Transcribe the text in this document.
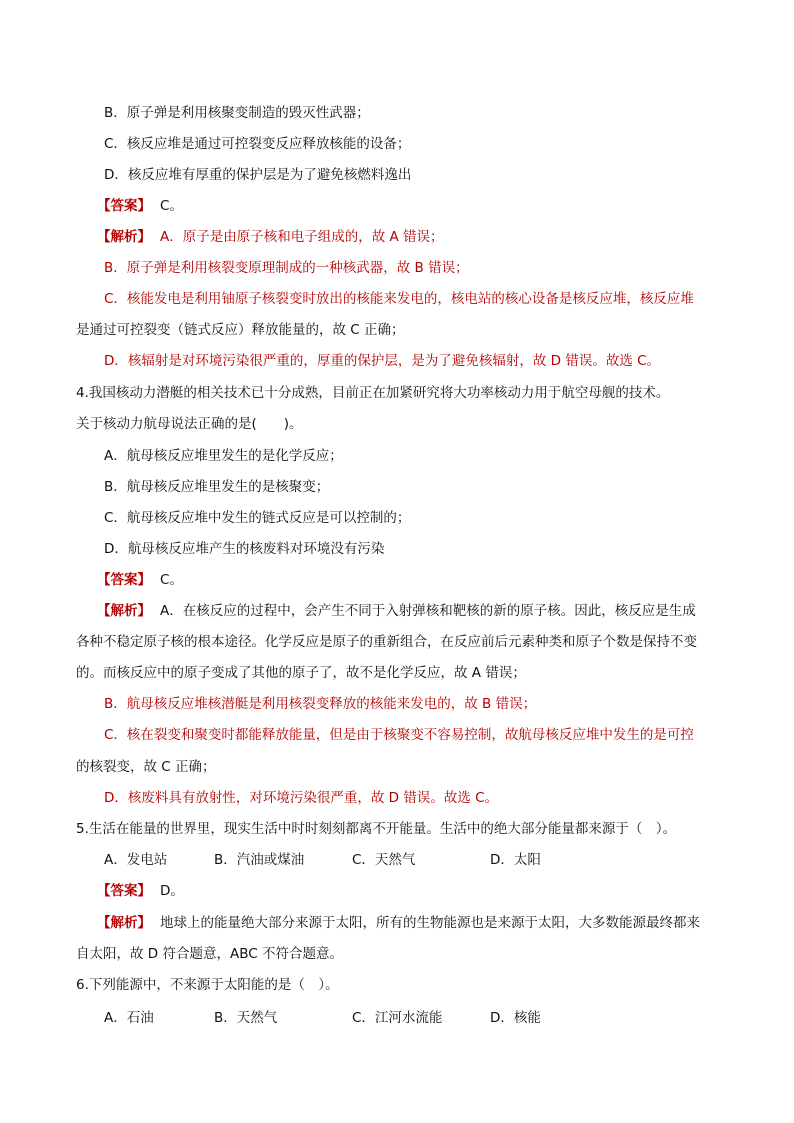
B．原子弹是利用核聚变制造的毁灭性武器；
C．核反应堆是通过可控裂变反应释放核能的设备；
D．核反应堆有厚重的保护层是为了避免核燃料逸出
【答案】 C。
【解析】 A．原子是由原子核和电子组成的，故 A 错误；
B．原子弹是利用核裂变原理制成的一种核武器，故 B 错误；
C．核能发电是利用铀原子核裂变时放出的核能来发电的，核电站的核心设备是核反应堆，核反应堆
是通过可控裂变（链式反应）释放能量的，故 C 正确；
D．核辐射是对环境污染很严重的，厚重的保护层，是为了避免核辐射，故 D 错误。故选 C。
4.我国核动力潜艇的相关技术已十分成熟，目前正在加紧研究将大功率核动力用于航空母舰的技术。
关于核动力航母说法正确的是(　　)。
A．航母核反应堆里发生的是化学反应；
B．航母核反应堆里发生的是核聚变；
C．航母核反应堆中发生的链式反应是可以控制的；
D．航母核反应堆产生的核废料对环境没有污染
【答案】 C。
【解析】 A．在核反应的过程中，会产生不同于入射弹核和靶核的新的原子核。因此，核反应是生成
各种不稳定原子核的根本途径。化学反应是原子的重新组合，在反应前后元素种类和原子个数是保持不变
的。而核反应中的原子变成了其他的原子了，故不是化学反应，故 A 错误；
B．航母核反应堆核潜艇是利用核裂变释放的核能来发电的，故 B 错误；
C．核在裂变和聚变时都能释放能量，但是由于核聚变不容易控制，故航母核反应堆中发生的是可控
的核裂变，故 C 正确；
D．核废料具有放射性，对环境污染很严重，故 D 错误。故选 C。
5.生活在能量的世界里，现实生活中时时刻刻都离不开能量。生活中的绝大部分能量都来源于（　）。
A．发电站	B．汽油或煤油	C．天然气	D．太阳
【答案】 D。
【解析】 地球上的能量绝大部分来源于太阳，所有的生物能源也是来源于太阳，大多数能源最终都来
自太阳，故 D 符合题意，ABC 不符合题意。
6.下列能源中，不来源于太阳能的是（　）。
A．石油	B．天然气	C．江河水流能	D．核能
